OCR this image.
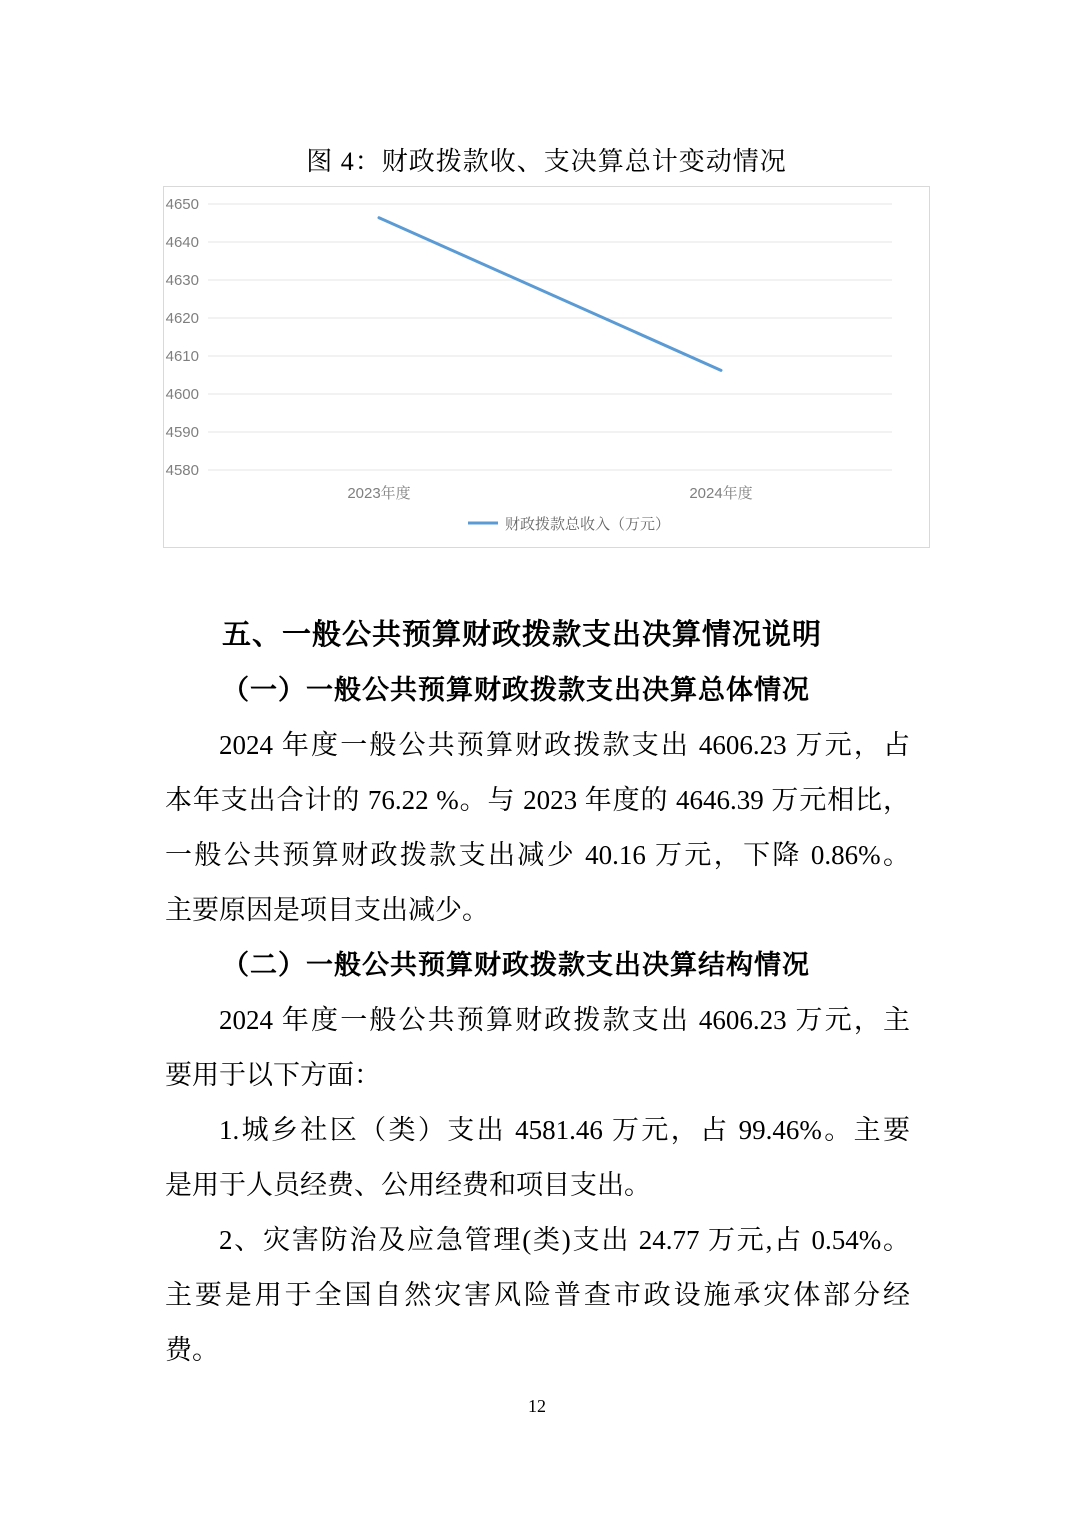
图 4：财政拨款收、支决算总计变动情况
4580
4590
4600
4610
4620
4630
4640
4650
2023年度	2024年度
财政拨款总收入（万元）
五、一般公共预算财政拨款支出决算情况说明
（一）一般公共预算财政拨款支出决算总体情况
2024 年度一般公共预算财政拨款支出 4606.23 万元，占
本年支出合计的 76.22 %。与 2023 年度的 4646.39 万元相比，
一般公共预算财政拨款支出减少 40.16 万元，下降 0.86%。
主要原因是项目支出减少。
（二）一般公共预算财政拨款支出决算结构情况
2024 年度一般公共预算财政拨款支出 4606.23 万元，主
要用于以下方面：
1.城乡社区（类）支出 4581.46 万元，占 99.46%。主要
是用于人员经费、公用经费和项目支出。
2、灾害防治及应急管理(类)支出 24.77 万元,占 0.54%。
主要是用于全国自然灾害风险普查市政设施承灾体部分经
费。
12
